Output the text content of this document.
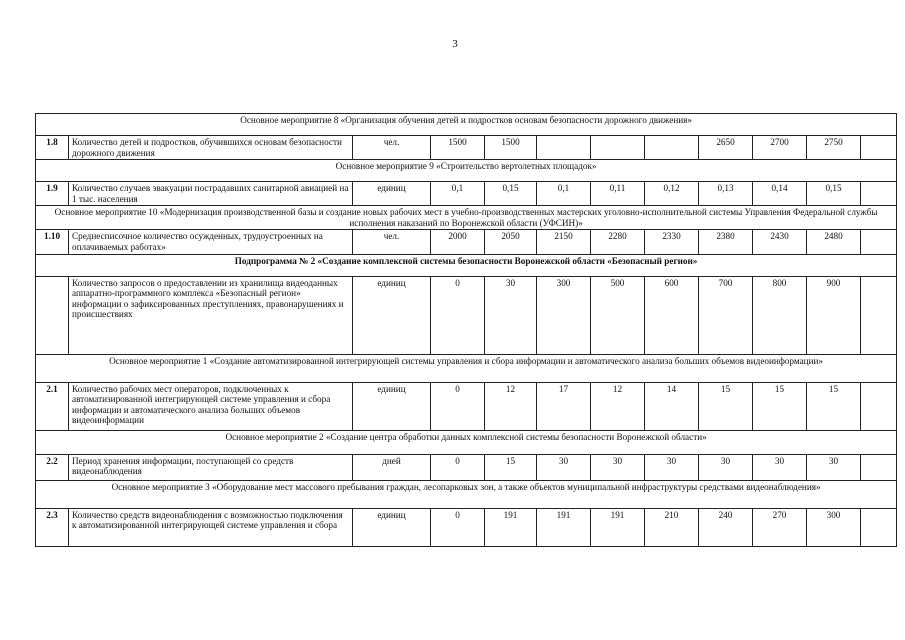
3
Основное мероприятие 8 «Организация обучения детей и подростков основам безопасности дорожного движения»											
1.8	Количество детей и подростков, обучившихся основам безопасности дорожного движения	чел.	1500	1500				2650	2700	2750	
Основное мероприятие 9 «Строительство вертолетных площадок»											
1.9	Количество случаев эвакуации пострадавших санитарной авиацией на 1 тыс. населения	единиц	0,1	0,15	0,1	0,11	0,12	0,13	0,14	0,15	
Основное мероприятие 10 «Модернизация производственной базы и создание новых рабочих мест в учебно-производственных мастерских уголовно-исполнительной системы Управления Федеральной службы исполнения наказаний по Воронежской области (УФСИН)»											
1.10	Среднесписочное количество осужденных, трудоустроенных на оплачиваемых работах»	чел.	2000	2050	2150	2280	2330	2380	2430	2480	
Подпрограмма № 2 «Создание комплексной системы безопасности Воронежской области «Безопасный регион»											
	Количество запросов о предоставлении из хранилища видеоданных аппаратно-программного комплекса «Безопасный регион» информации о зафиксированных преступлениях, правонарушениях и происшествиях	единиц	0	30	300	500	600	700	800	900	
Основное мероприятие 1 «Создание автоматизированной интегрирующей системы управления и сбора информации и автоматического анализа больших объемов видеоинформации»											
2.1	Количество рабочих мест операторов, подключенных к автоматизированной интегрирующей системе управления и сбора информации и автоматического анализа больших объемов видеоинформации	единиц	0	12	17	12	14	15	15	15	
Основное мероприятие 2 «Создание центра обработки данных комплексной системы безопасности Воронежской области»											
2.2	Период хранения информации, поступающей со средств видеонаблюдения	дней	0	15	30	30	30	30	30	30	
Основное мероприятие 3 «Оборудование мест массового пребывания граждан, лесопарковых зон, а также объектов муниципальной инфраструктуры средствами видеонаблюдения»											
2.3	Количество средств видеонаблюдения с возможностью подключения к автоматизированной интегрирующей системе управления и сбора	единиц	0	191	191	191	210	240	270	300	
